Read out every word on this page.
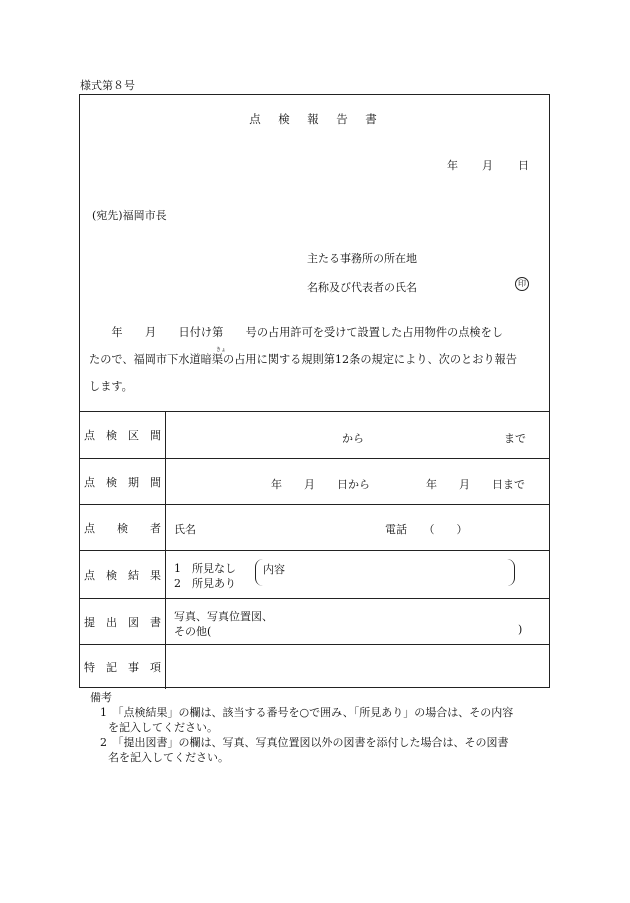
様式第８号
点　検　報　告　書
年 月 日
(宛先)福岡市長
主たる事務所の所在地
名称及び代表者の氏名	印
　　年　　月　　日付け第　　号の占用許可を受けて設置した占用物件の点検をし
たので、福岡市下水道暗
きょ
渠の占用に関する規則第12条の規定により、次のとおり報告
します。
点　検　区　間	から	まで
点　検　期　間	年　　月　　日から	年　　月　　日まで
点　　検　　者	氏名	電話　　（　　）
点　検　結　果	1　所見なし
2　所見あり
内容
提　出　図　書	写真、写真位置図、
その他(	)
特　記　事　項
備考
1　「点検結果」の欄は、該当する番号を○で囲み、「所見あり」の場合は、その内容
を記入してください。
2　「提出図書」の欄は、写真、写真位置図以外の図書を添付した場合は、その図書
名を記入してください。
